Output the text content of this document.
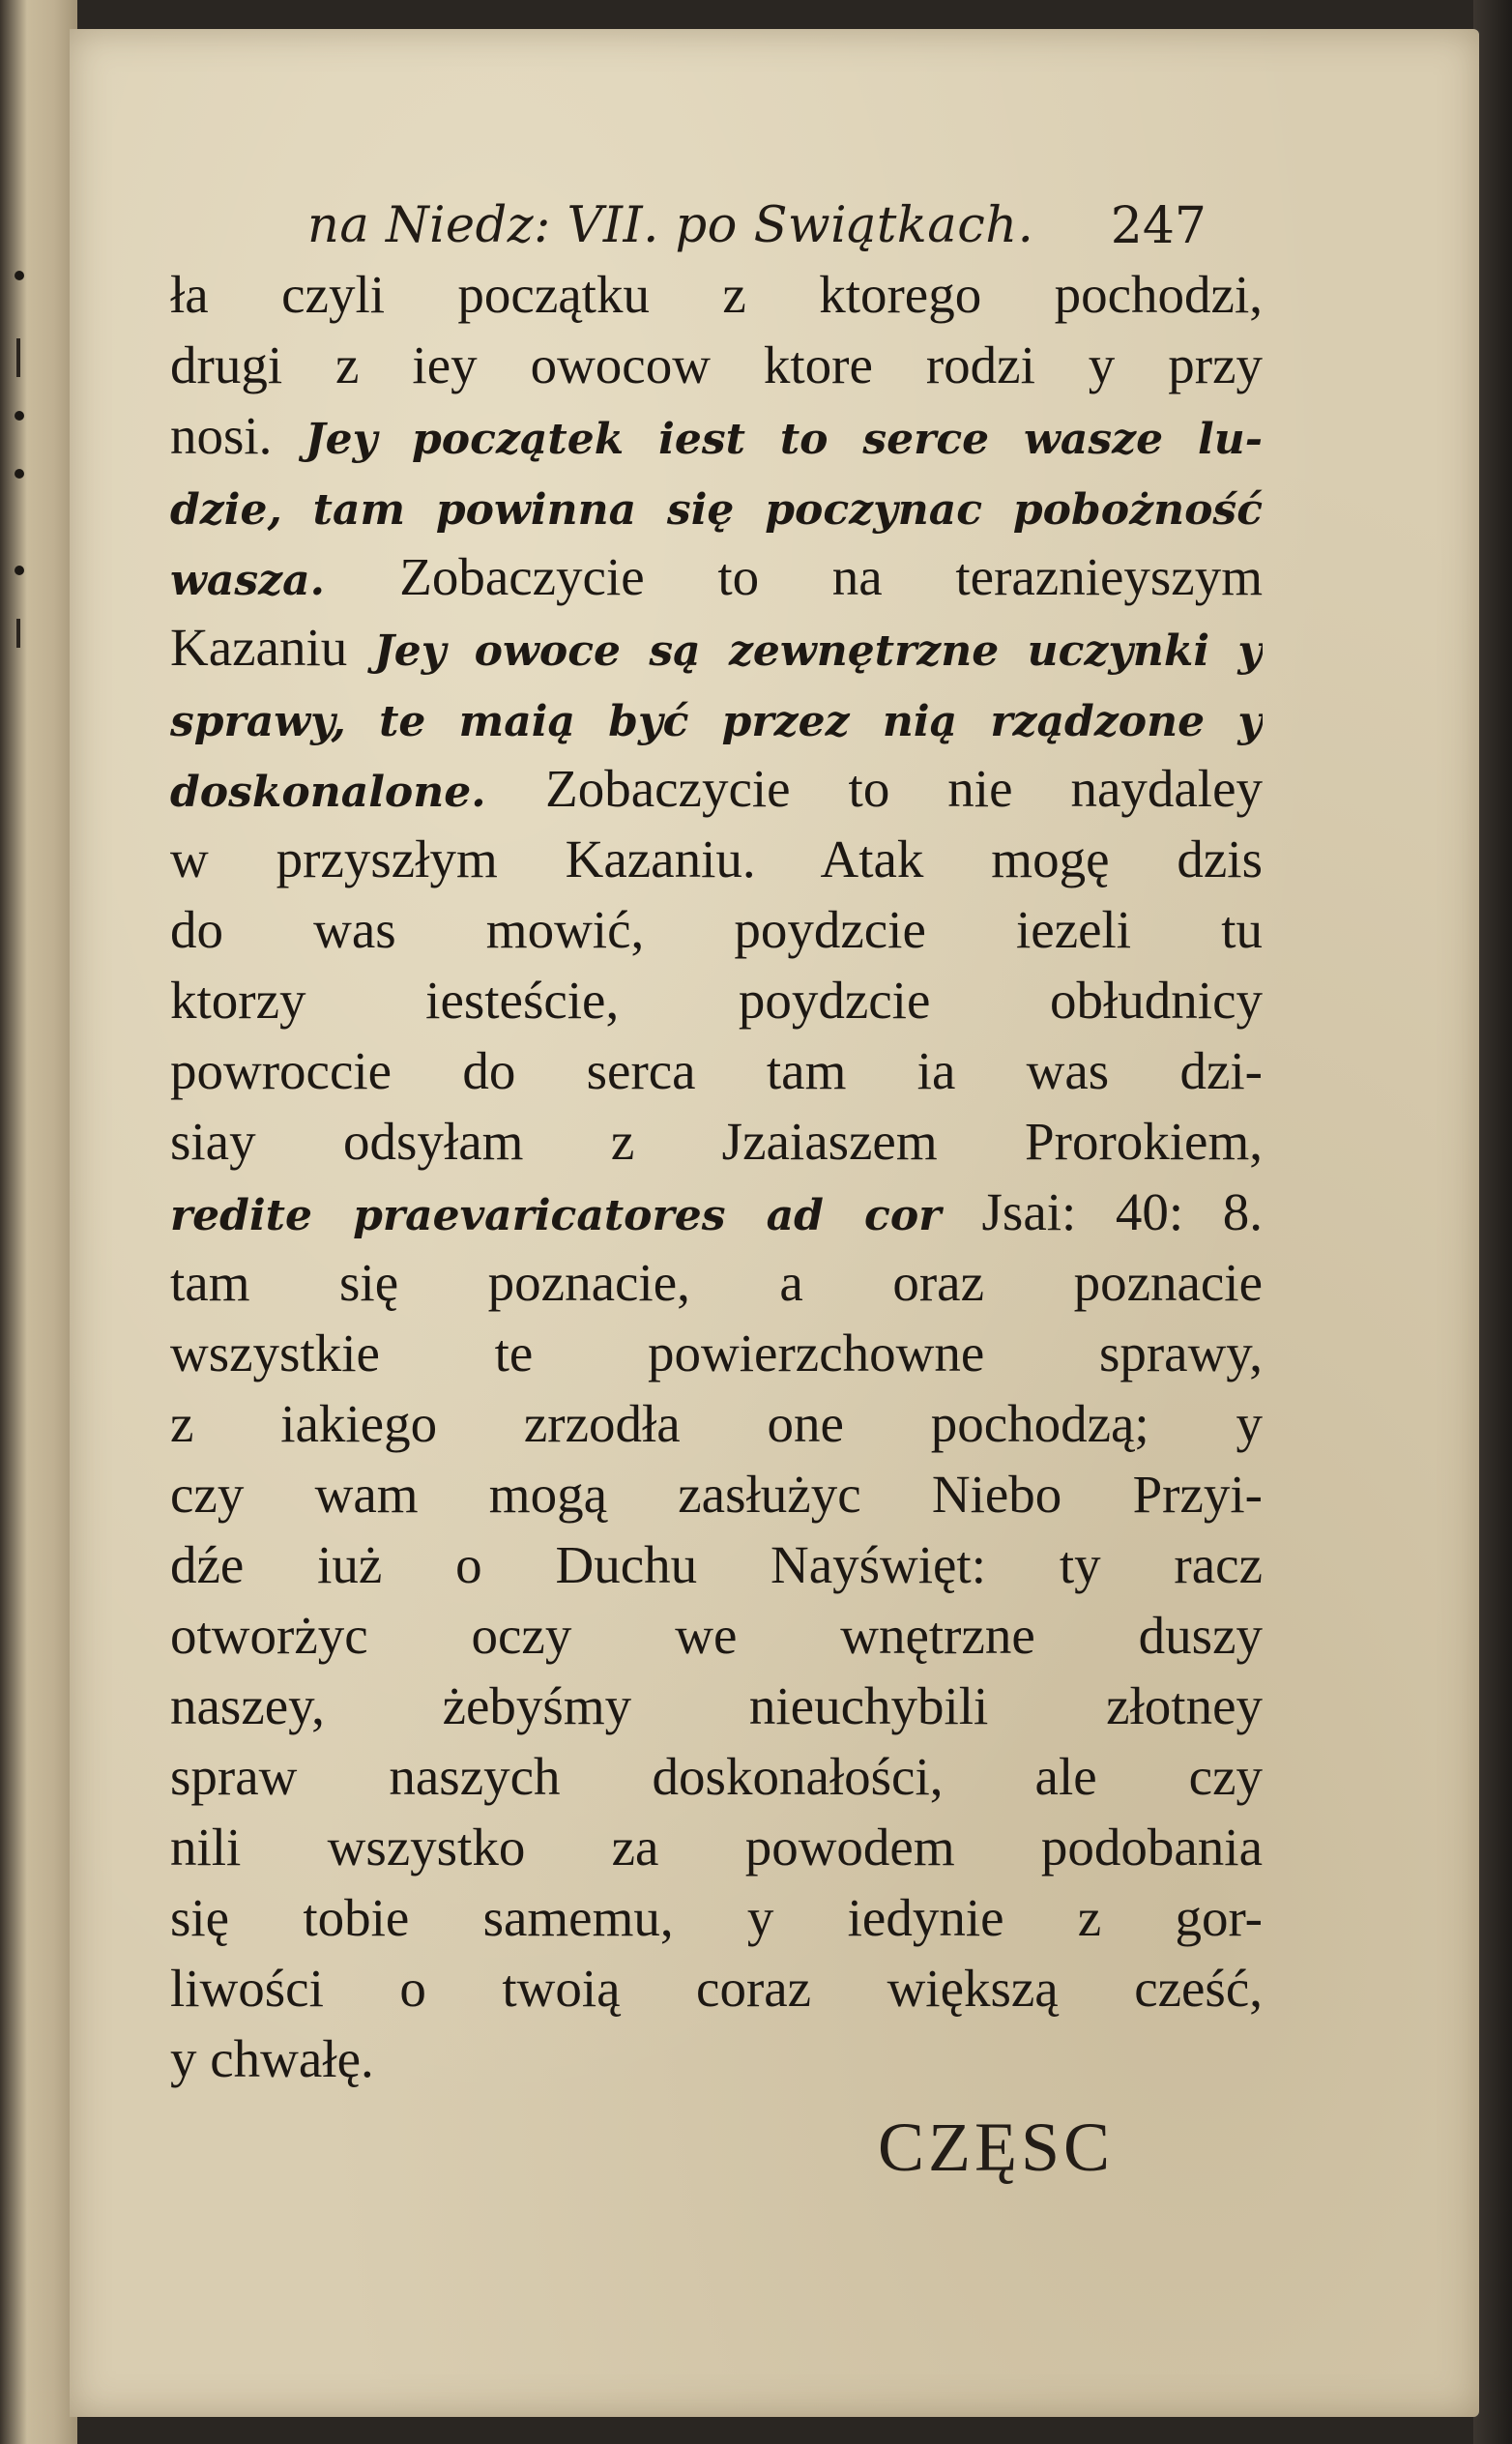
na Niedz: VII. po Swiątkach. 247
ła czyli początku z ktorego pochodzi,
drugi z iey owocow ktore rodzi y przy
nosi. Jey początek iest to serce wasze lu-
dzie, tam powinna się poczynac pobożność
wasza. Zobaczycie to na teraznieyszym
Kazaniu Jey owoce są zewnętrzne uczynki y
sprawy, te maią być przez nią rządzone y
doskonalone. Zobaczycie to nie naydaley
w przyszłym Kazaniu. Atak mogę dzis
do was mowić, poydzcie iezeli tu
ktorzy iesteście, poydzcie obłudnicy
powroccie do serca tam ia was dzi-
siay odsyłam z Jzaiaszem Prorokiem,
redite praevaricatores ad cor Jsai: 40: 8.
tam się poznacie, a oraz poznacie
wszystkie te powierzchowne sprawy,
z iakiego zrzodła one pochodzą; y
czy wam mogą zasłużyc Niebo Przyi-
dźe iuż o Duchu Nayświęt: ty racz
otworżyc oczy we wnętrzne duszy
naszey, żebyśmy nieuchybili złotney
spraw naszych doskonałości, ale czy
nili wszystko za powodem podobania
się tobie samemu, y iedynie z gor-
liwości o twoią coraz większą cześć,
y chwałę.
CZĘSC
